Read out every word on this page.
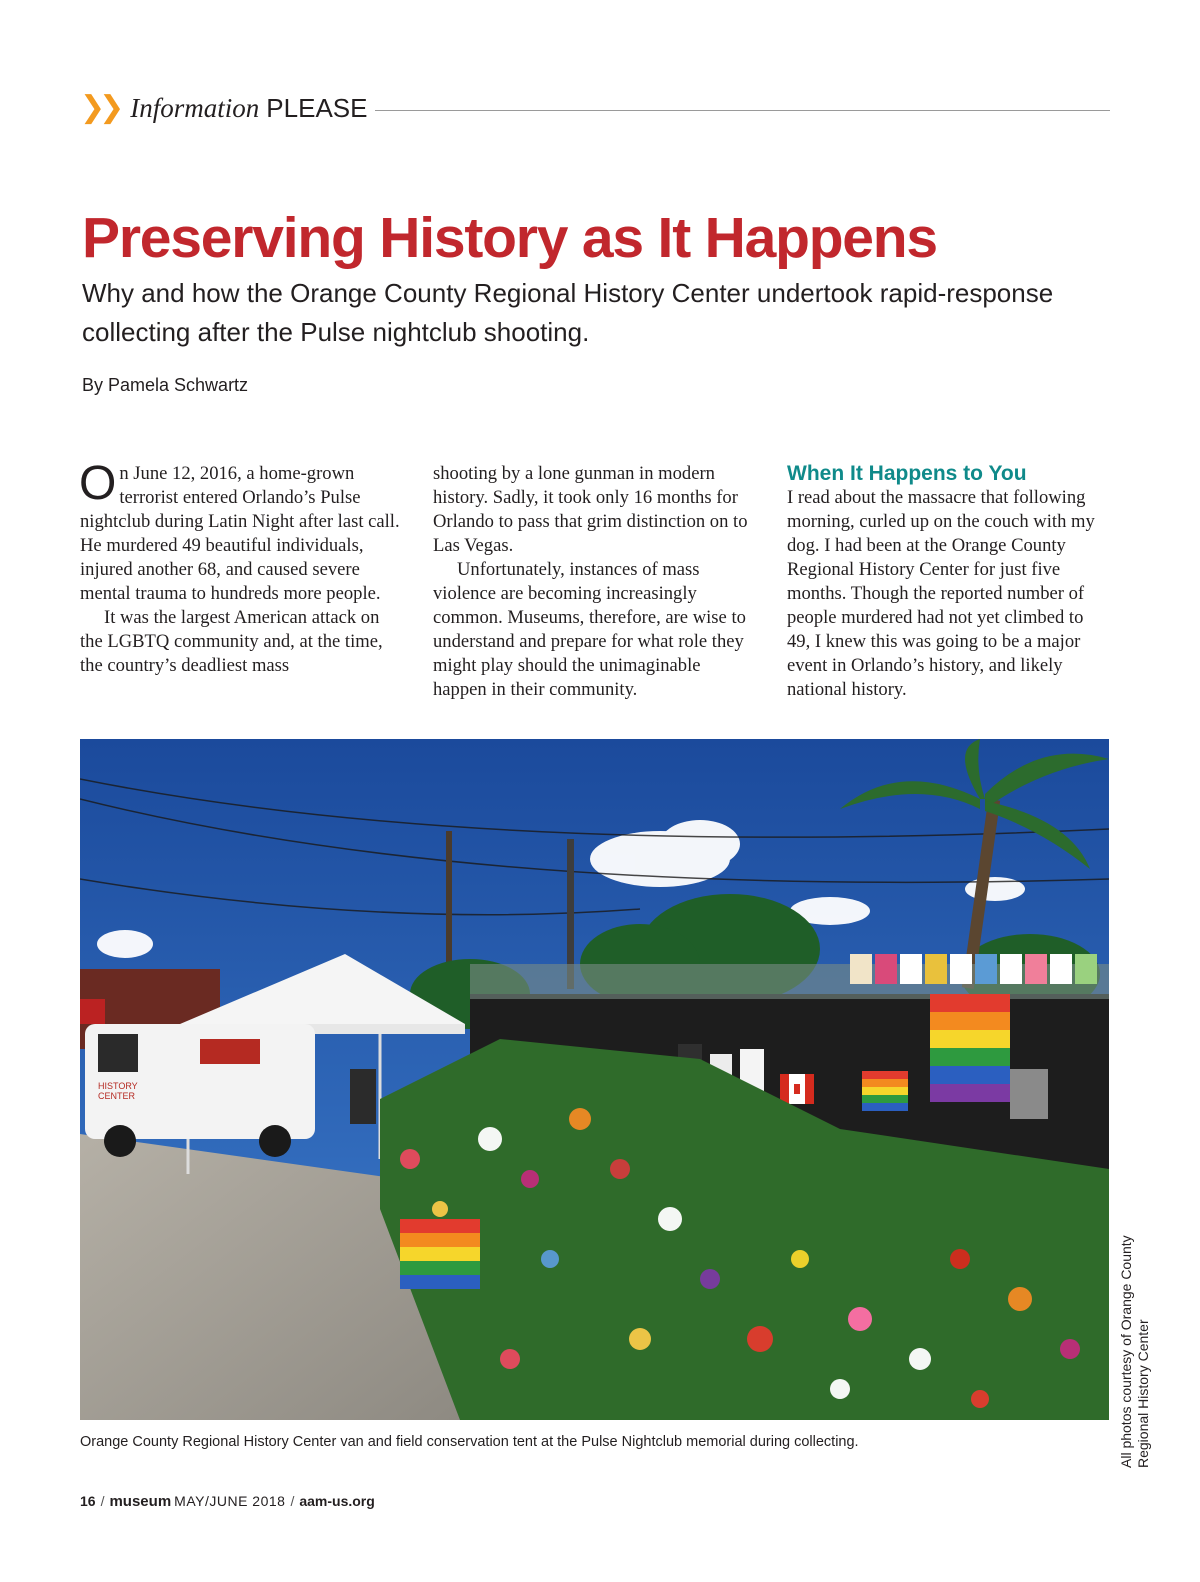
❯❯ Information PLEASE
Preserving History as It Happens

Why and how the Orange County Regional History Center undertook rapid-response collecting after the Pulse nightclub shooting.

By Pamela Schwartz

On June 12, 2016, a home-grown terrorist entered Orlando’s Pulse nightclub during Latin Night after last call. He murdered 49 beautiful individuals, injured another 68, and caused severe mental trauma to hundreds more people.

It was the largest American attack on the LGBTQ community and, at the time, the country’s deadliest mass

shooting by a lone gunman in modern history. Sadly, it took only 16 months for Orlando to pass that grim distinction on to Las Vegas.

Unfortunately, instances of mass violence are becoming increasingly common. Museums, therefore, are wise to understand and prepare for what role they might play should the unimaginable happen in their community.

When It Happens to You

I read about the massacre that following morning, curled up on the couch with my dog. I had been at the Orange County Regional History Center for just five months. Though the reported number of people murdered had not yet climbed to 49, I knew this was going to be a major event in Orlando’s history, and likely national history.

HISTORY
CENTER
Orange County Regional History Center van and field conservation tent at the Pulse Nightclub memorial during collecting.	All photos courtesy of Orange County Regional History Center
16 / museum MAY/JUNE 2018 / aam-us.org
